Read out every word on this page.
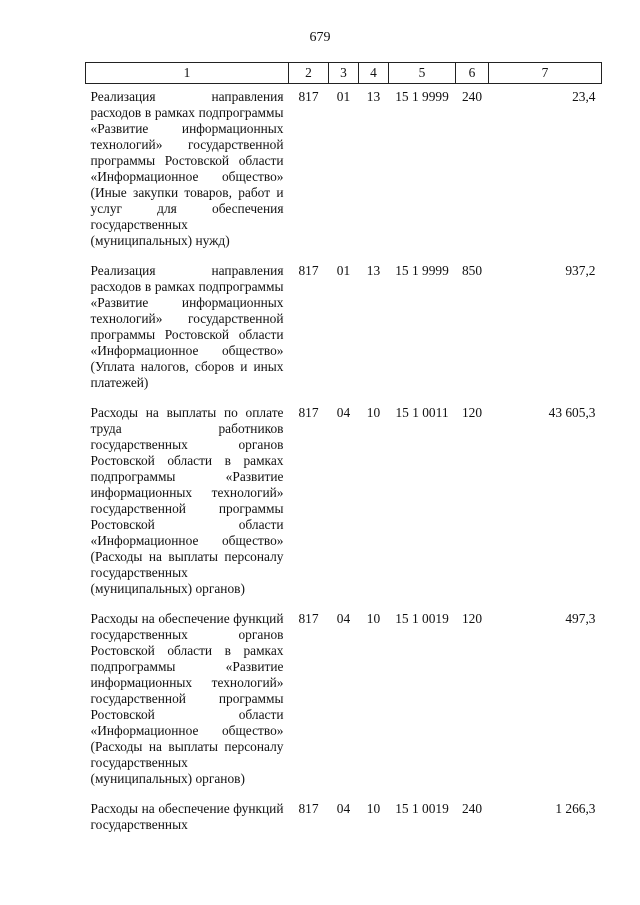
679
1	2	3	4	5	6	7
Реализация направления расходов в рамках подпрограммы «Развитие информационных технологий» государственной программы Ростовской области «Информационное общество» (Иные закупки товаров, работ и услуг для обеспечения государственных (муниципальных) нужд)	817	01	13	15 1 9999	240	23,4
Реализация направления расходов в рамках подпрограммы «Развитие информационных технологий» государственной программы Ростовской области «Информационное общество» (Уплата налогов, сборов и иных платежей)	817	01	13	15 1 9999	850	937,2
Расходы на выплаты по оплате труда работников государственных органов Ростовской области в рамках подпрограммы «Развитие информационных технологий» государственной программы Ростовской области «Информационное общество» (Расходы на выплаты персоналу государственных (муниципальных) органов)	817	04	10	15 1 0011	120	43 605,3
Расходы на обеспечение функций государственных органов Ростовской области в рамках подпрограммы «Развитие информационных технологий» государственной программы Ростовской области «Информационное общество» (Расходы на выплаты персоналу государственных (муниципальных) органов)	817	04	10	15 1 0019	120	497,3
Расходы на обеспечение функций государственных	817	04	10	15 1 0019	240	1 266,3
